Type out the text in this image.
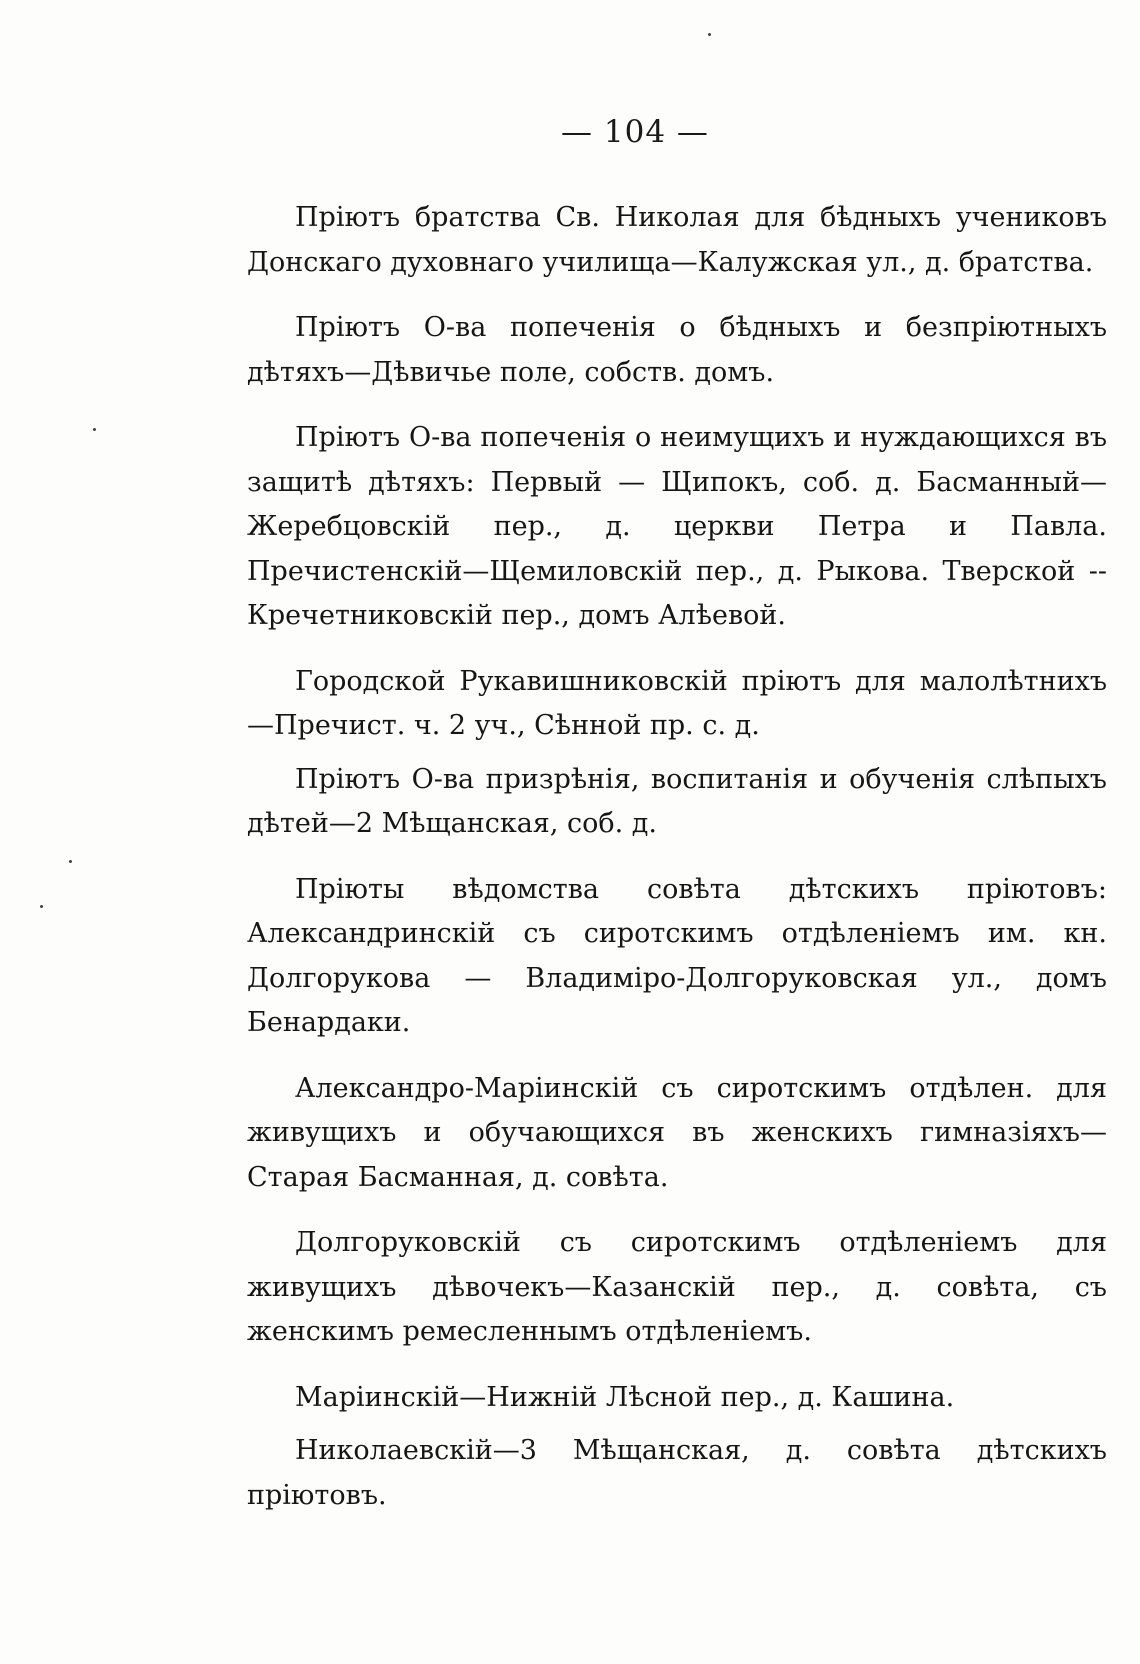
— 104 —

Пріютъ братства Св. Николая для бѣдныхъ учениковъ Донскаго духовнаго училища—Калужская ул., д. братства.

Пріютъ О-ва попеченія о бѣдныхъ и безпріютныхъ дѣтяхъ—Дѣвичье поле, собств. домъ.

Пріютъ О-ва попеченія о неимущихъ и нуждающихся въ защитѣ дѣтяхъ: Первый — Щипокъ, соб. д. Басманный—Жеребцовскій пер., д. церкви Петра и Павла. Пречистенскій—Щемиловскій пер., д. Рыкова. Тверской -- Кречетниковскій пер., домъ Алѣевой.

Городской Рукавишниковскій пріютъ для малолѣтнихъ—Пречист. ч. 2 уч., Сѣнной пр. с. д.

Пріютъ О-ва призрѣнія, воспитанія и обученія слѣпыхъ дѣтей—2 Мѣщанская, соб. д.

Пріюты вѣдомства совѣта дѣтскихъ пріютовъ: Александринскій съ сиротскимъ отдѣленіемъ им. кн. Долгорукова — Владиміро-Долгоруковская ул., домъ Бенардаки.

Александро-Маріинскій съ сиротскимъ отдѣлен. для живущихъ и обучающихся въ женскихъ гимназіяхъ—Старая Басманная, д. совѣта.

Долгоруковскій съ сиротскимъ отдѣленіемъ для живущихъ дѣвочекъ—Казанскій пер., д. совѣта, съ женскимъ ремесленнымъ отдѣленіемъ.

Маріинскій—Нижній Лѣсной пер., д. Кашина.

Николаевскій—3 Мѣщанская, д. совѣта дѣтскихъ пріютовъ.
